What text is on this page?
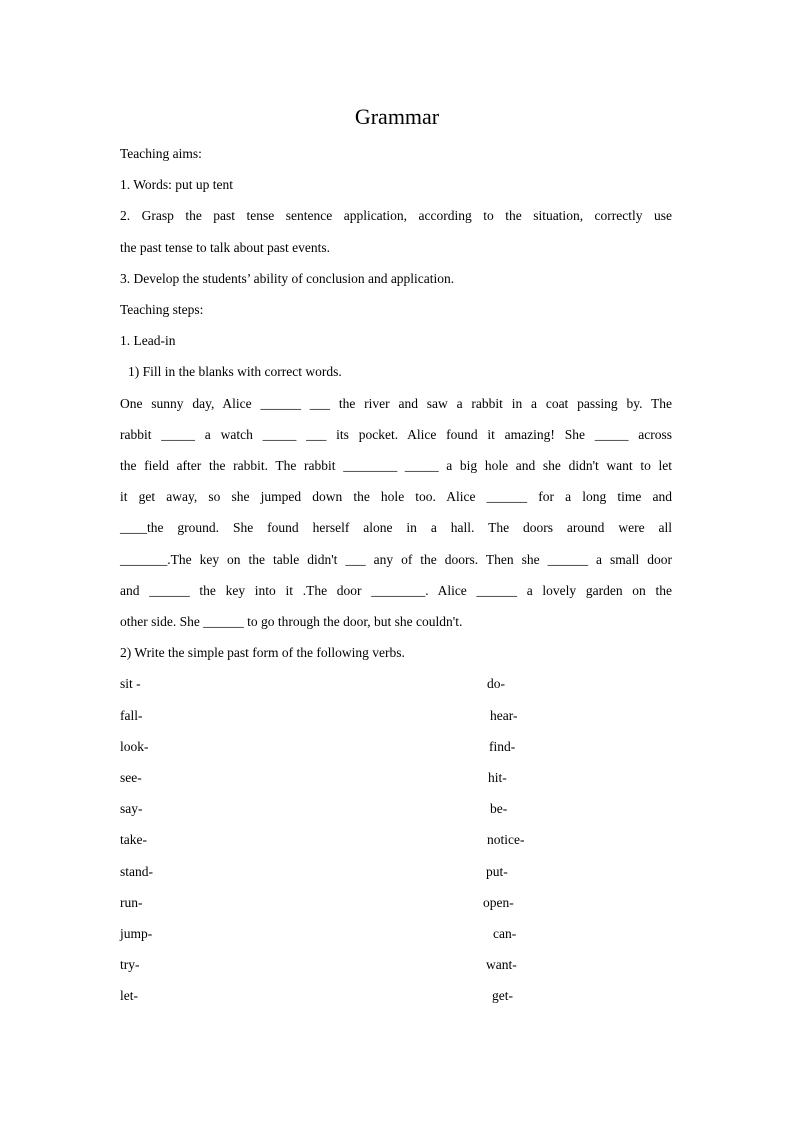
Grammar

Teaching aims:

1. Words: put up tent

2. Grasp the past tense sentence application, according to the situation, correctly use

the past tense to talk about past events.

3. Develop the students’ ability of conclusion and application.

Teaching steps:

1. Lead-in

1) Fill in the blanks with correct words.

One sunny day, Alice ______ ___ the river and saw a rabbit in a coat passing by. The

rabbit _____ a watch _____ ___ its pocket. Alice found it amazing! She _____ across

the field after the rabbit. The rabbit ________ _____ a big hole and she didn't want to let

it get away, so she jumped down the hole too. Alice ______ for a long time and

____the ground. She found herself alone in a hall. The doors around were all

_______.The key on the table didn't ___ any of the doors. Then she ______ a small door

and ______ the key into it .The door ________. Alice ______ a lovely garden on the

other side. She ______ to go through the door, but she couldn't.

2) Write the simple past form of the following verbs.

sit -	do-
fall-	hear-
look-	find-
see-	hit-
say-	be-
take-	notice-
stand-	put-
run-	open-
jump-	can-
try-	want-
let-	get-
